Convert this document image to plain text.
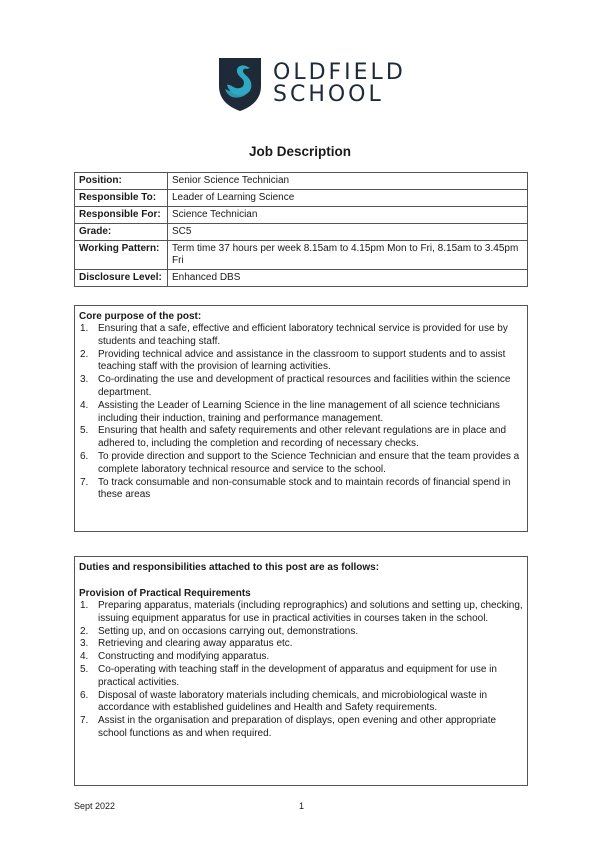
OLDFIELD
SCHOOL
Job Description
Position:	Senior Science Technician
Responsible To:	Leader of Learning Science
Responsible For:	Science Technician
Grade:	SC5
Working Pattern:	Term time 37 hours per week 8.15am to 4.15pm Mon to Fri, 8.15am to 3.45pm Fri
Disclosure Level:	Enhanced DBS
Core purpose of the post:
1. Ensuring that a safe, effective and efficient laboratory technical service is provided for use by students and teaching staff.
2. Providing technical advice and assistance in the classroom to support students and to assist teaching staff with the provision of learning activities.
3. Co-ordinating the use and development of practical resources and facilities within the science department.
4. Assisting the Leader of Learning Science in the line management of all science technicians including their induction, training and performance management.
5. Ensuring that health and safety requirements and other relevant regulations are in place and adhered to, including the completion and recording of necessary checks.
6. To provide direction and support to the Science Technician and ensure that the team provides a complete laboratory technical resource and service to the school.
7. To track consumable and non-consumable stock and to maintain records of financial spend in these areas
Duties and responsibilities attached to this post are as follows:
Provision of Practical Requirements
1. Preparing apparatus, materials (including reprographics) and solutions and setting up, checking, issuing equipment apparatus for use in practical activities in courses taken in the school.
2. Setting up, and on occasions carrying out, demonstrations.
3. Retrieving and clearing away apparatus etc.
4. Constructing and modifying apparatus.
5. Co-operating with teaching staff in the development of apparatus and equipment for use in practical activities.
6. Disposal of waste laboratory materials including chemicals, and microbiological waste in accordance with established guidelines and Health and Safety requirements.
7. Assist in the organisation and preparation of displays, open evening and other appropriate school functions as and when required.
Sept 2022	1
